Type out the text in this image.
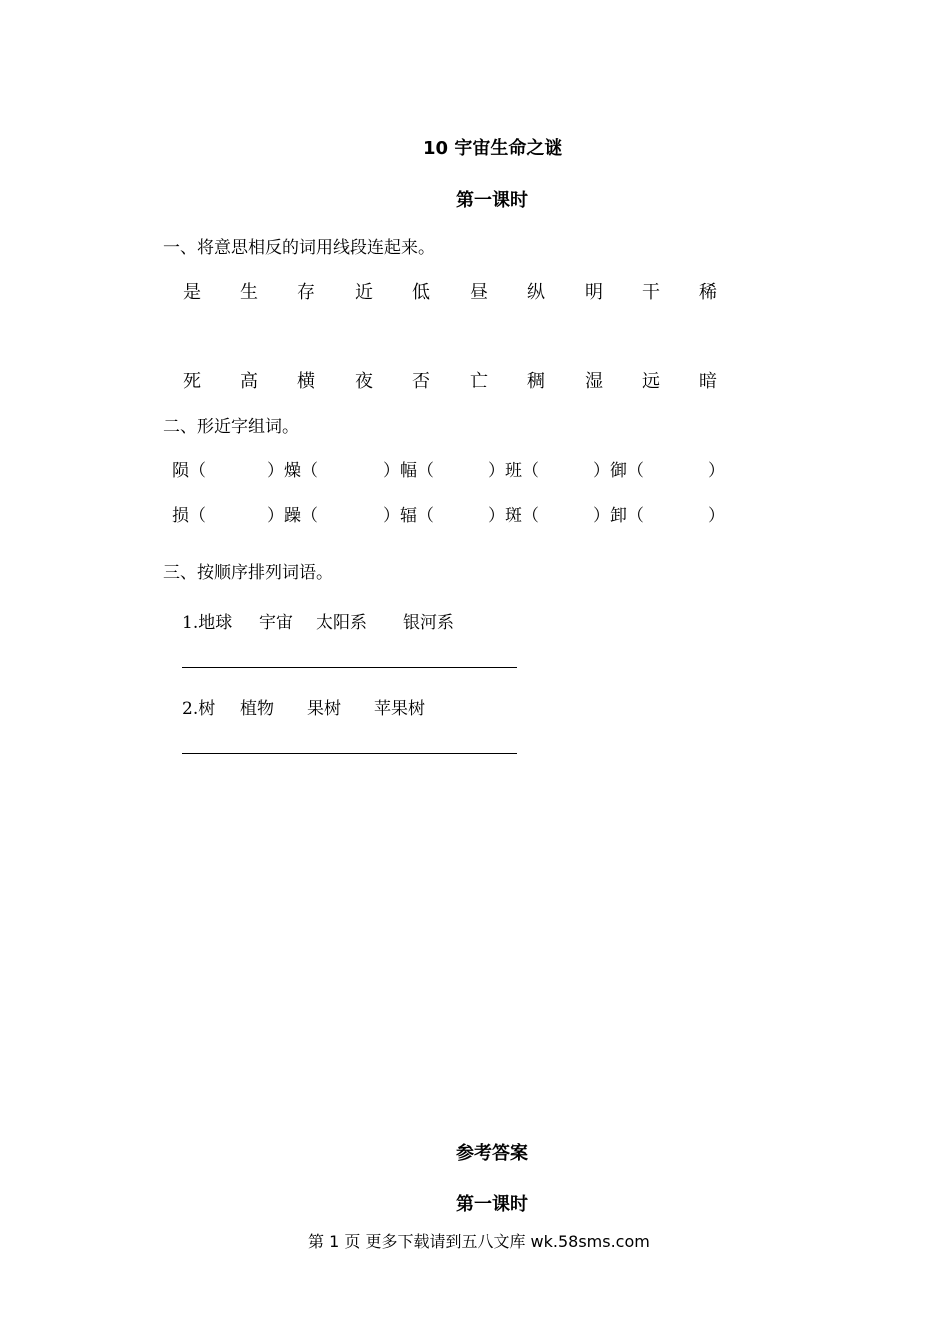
10 宇宙生命之谜
第一课时
一、将意思相反的词用线段连起来。
是 生 存 近 低 昼 纵 明 干 稀
死 高 横 夜 否 亡 稠 湿 远 暗
二、形近字组词。
陨（	）燥（	）幅（	）班（	）御（	）
损（	）躁（	）辐（	）斑（	）卸（	）
三、按顺序排列词语。
1.地球 宇宙 太阳系 银河系
2.树 植物 果树 苹果树
参考答案
第一课时
第 1 页 更多下载请到五八文库 wk.58sms.com
